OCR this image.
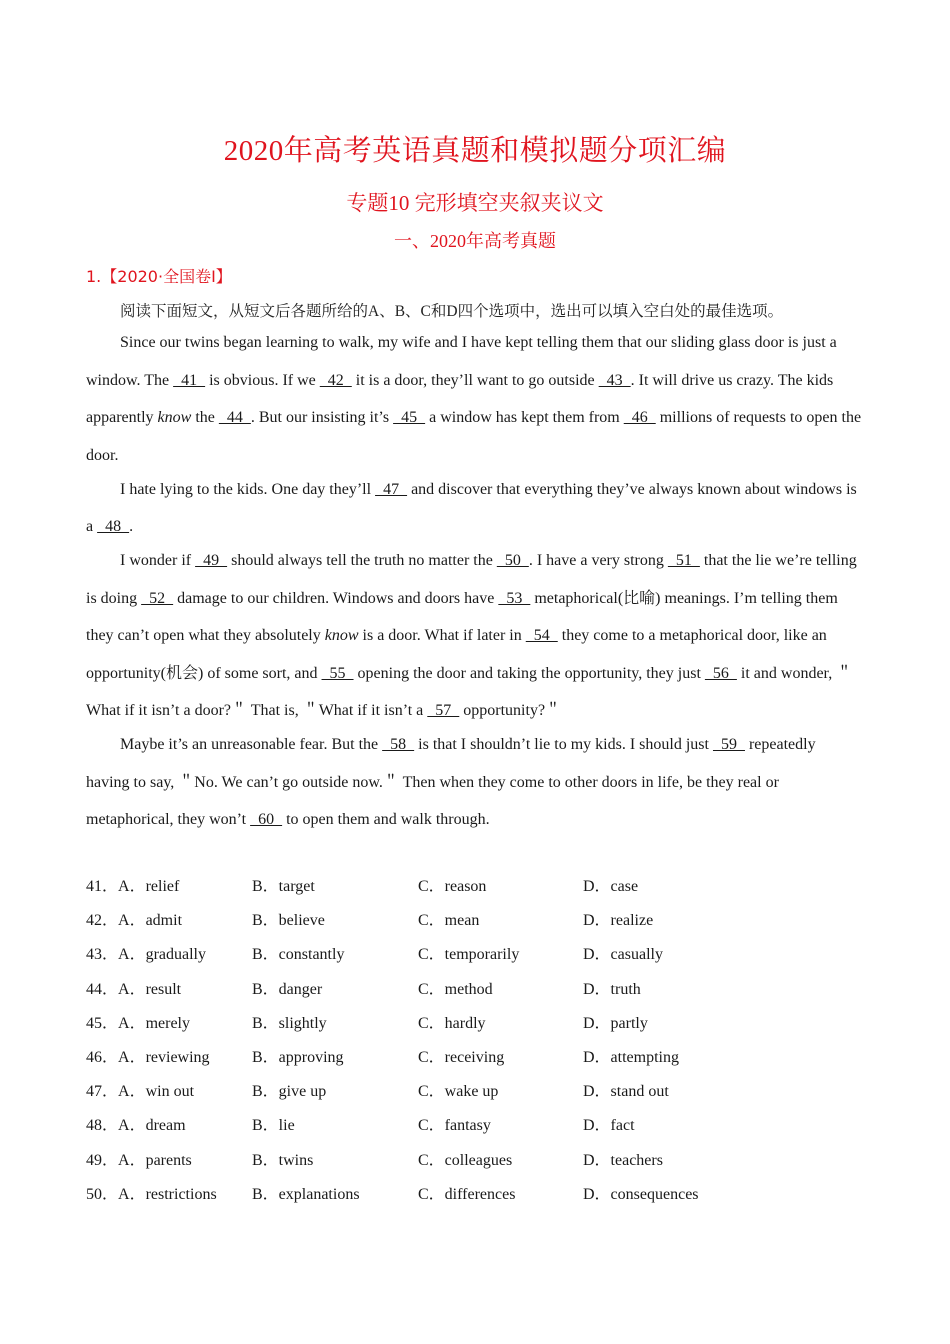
2020年高考英语真题和模拟题分项汇编
专题10 完形填空夹叙夹议文
一、2020年高考真题
1.【2020·全国卷Ⅰ】
阅读下面短文，从短文后各题所给的A、B、C和D四个选项中，选出可以填入空白处的最佳选项。

Since our twins began learning to walk, my wife and I have kept telling them that our sliding glass door is just a window. The   41   is obvious. If we   42   it is a door, they’ll want to go outside   43  . It will drive us crazy. The kids apparently know the   44  . But our insisting it’s   45   a window has kept them from   46   millions of requests to open the door.

I hate lying to the kids. One day they’ll   47   and discover that everything they’ve always known about windows is a   48  .

I wonder if   49   should always tell the truth no matter the   50  . I have a very strong   51   that the lie we’re telling is doing   52   damage to our children. Windows and doors have   53   metaphorical(比喻) meanings. I’m telling them they can’t open what they absolutely know is a door. What if later in   54   they come to a metaphorical door, like an opportunity(机会) of some sort, and   55   opening the door and taking the opportunity, they just   56   it and wonder, ＂What if it isn’t a door?＂ That is, ＂What if it isn’t a   57   opportunity?＂

Maybe it’s an unreasonable fear. But the   58   is that I shouldn’t lie to my kids. I should just   59   repeatedly having to say, ＂No. We can’t go outside now.＂ Then when they come to other doors in life, be they real or metaphorical, they won’t   60   to open them and walk through.

41．A．relief	B．target	C．reason	D．case
42．A．admit	B．believe	C．mean	D．realize
43．A．gradually	B．constantly	C．temporarily	D．casually
44．A．result	B．danger	C．method	D．truth
45．A．merely	B．slightly	C．hardly	D．partly
46．A．reviewing	B．approving	C．receiving	D．attempting
47．A．win out	B．give up	C．wake up	D．stand out
48．A．dream	B．lie	C．fantasy	D．fact
49．A．parents	B．twins	C．colleagues	D．teachers
50．A．restrictions B．explanations	C．differences	D．consequences
